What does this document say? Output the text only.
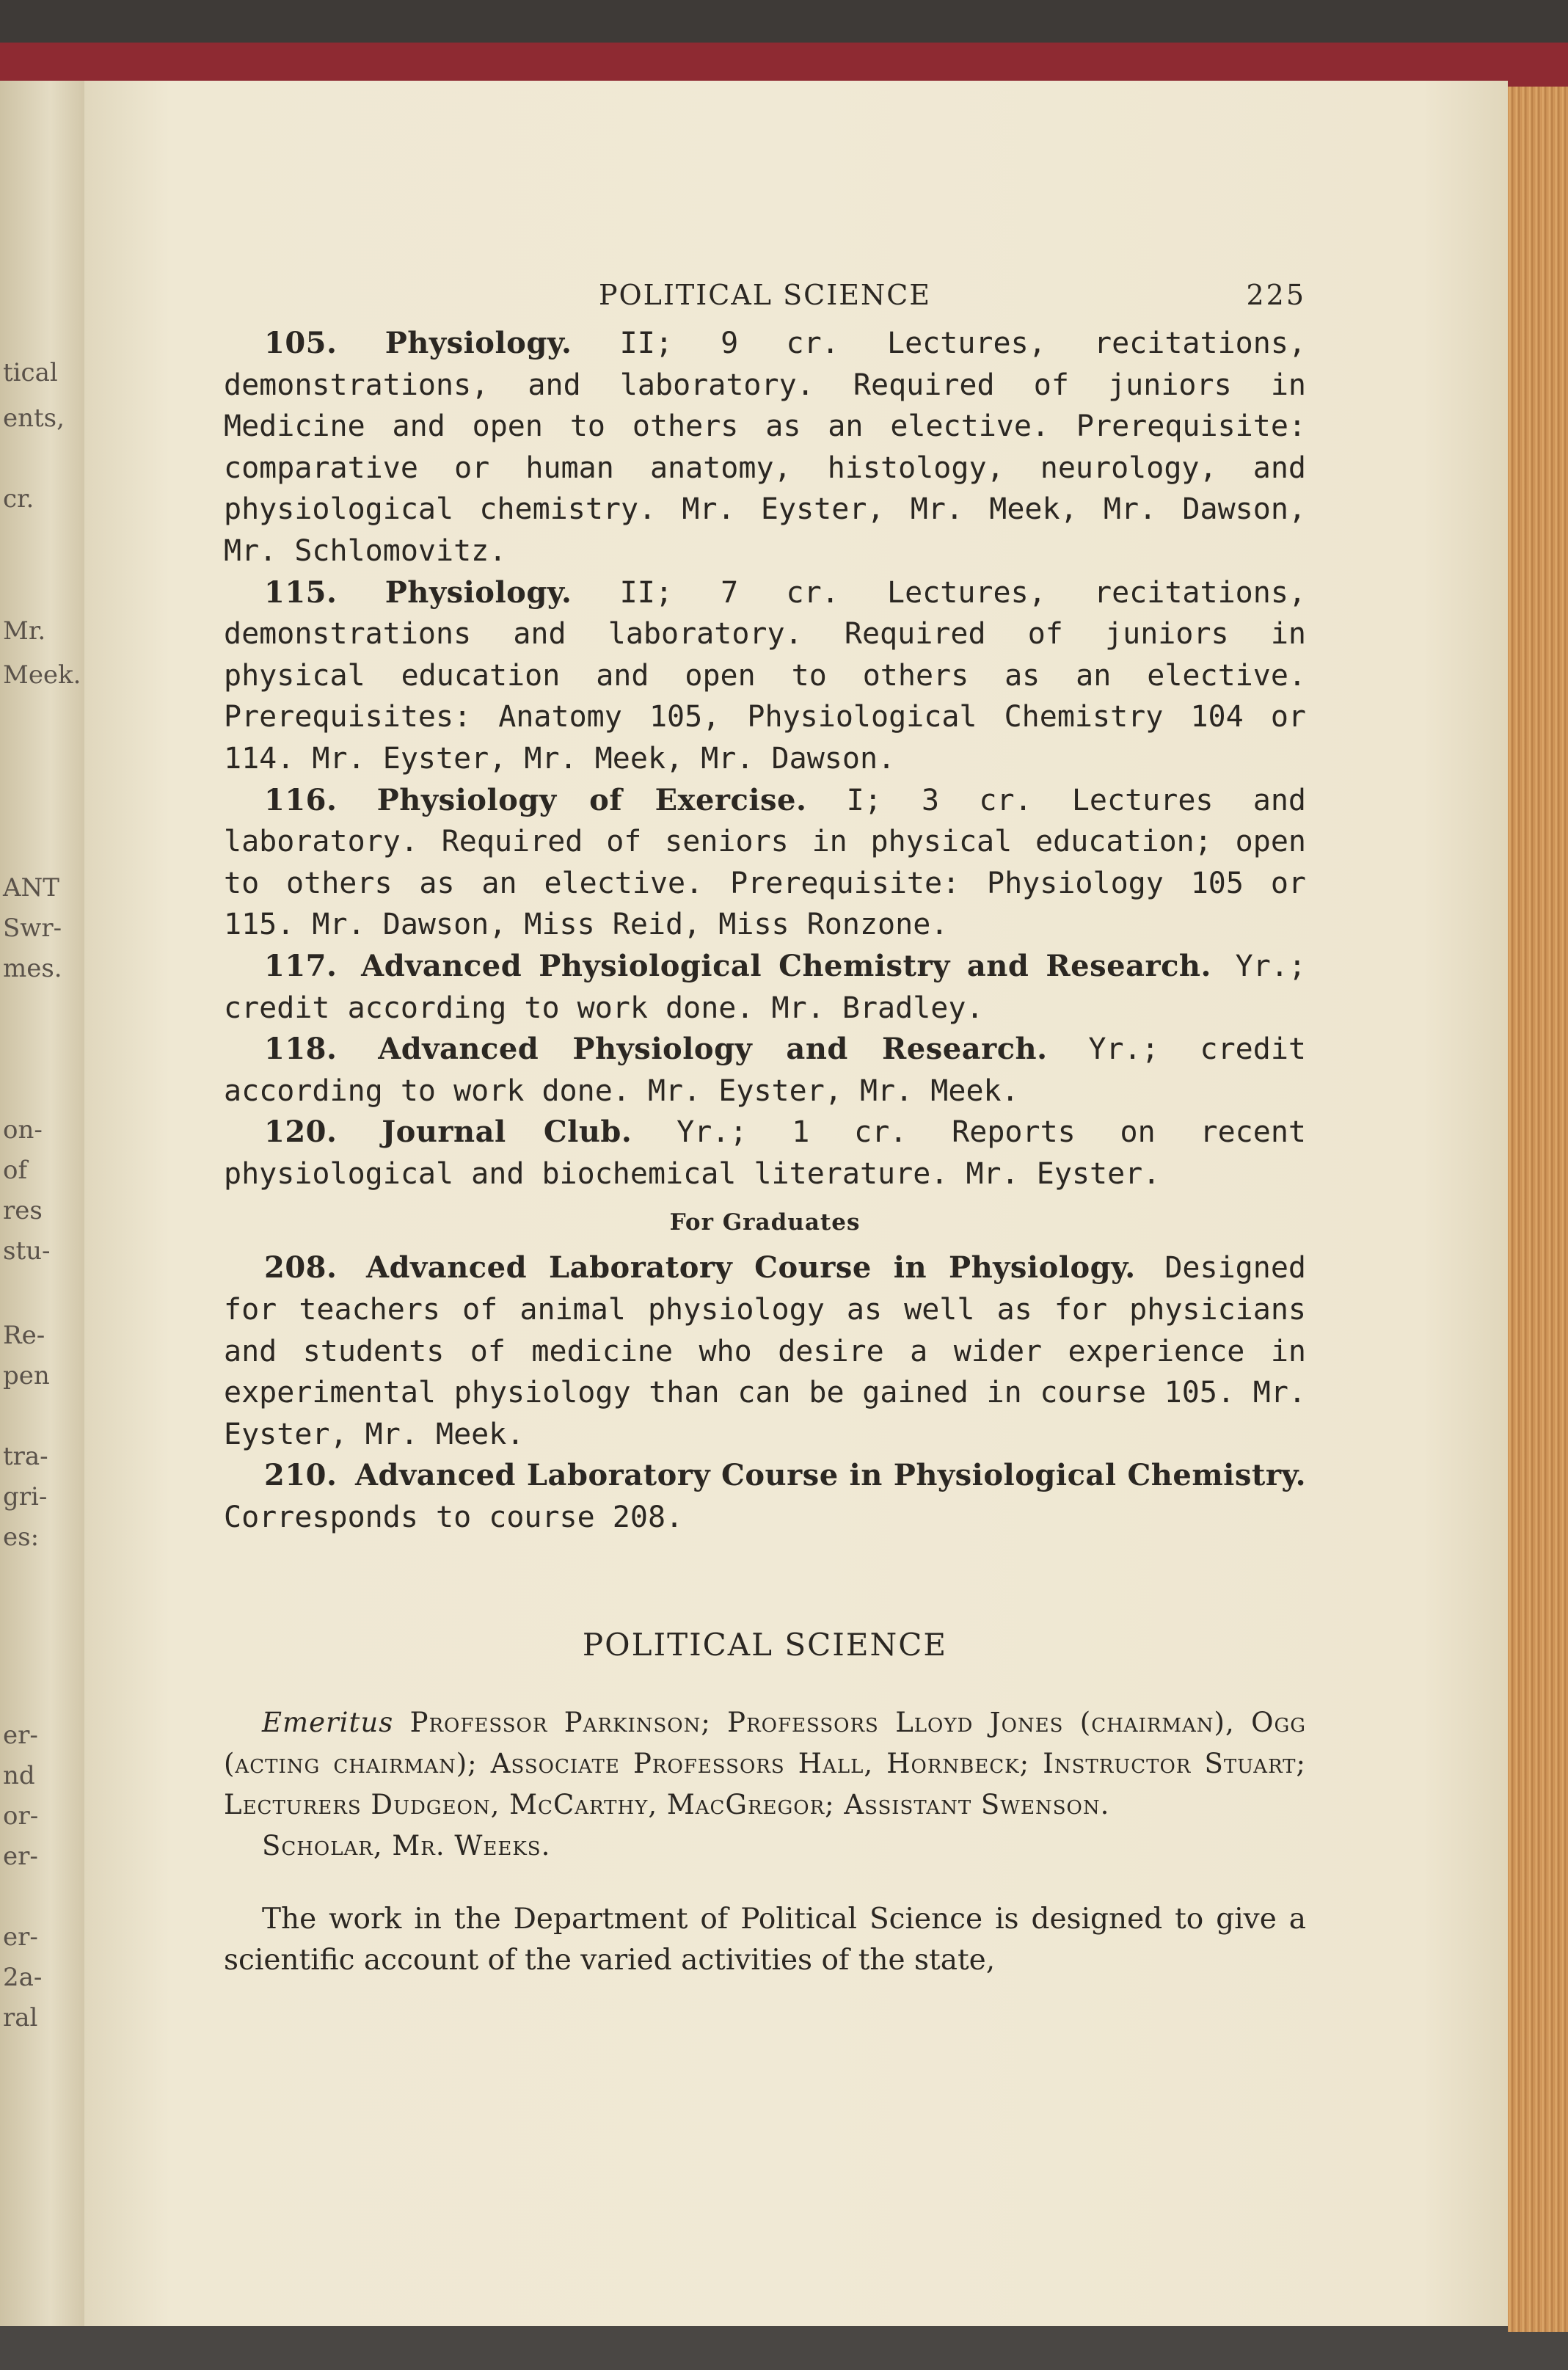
tical
ents,
cr.
Mr.
Meek.
ANT
Swr-
mes.
on-
of
res
stu-
Re-
pen
tra-
gri-
es:
er-
nd
or-
er-
er-
2a-
ral
POLITICAL SCIENCE	225

105. Physiology. II; 9 cr. Lectures, recitations, demonstrations, and laboratory. Required of juniors in Medicine and open to others as an elective. Prerequisite: comparative or human anatomy, histology, neurology, and physiological chemistry. Mr. Eyster, Mr. Meek, Mr. Dawson, Mr. Schlomovitz.

115. Physiology. II; 7 cr. Lectures, recitations, demonstrations and laboratory. Required of juniors in physical education and open to others as an elective. Prerequisites: Anatomy 105, Physiological Chemistry 104 or 114. Mr. Eyster, Mr. Meek, Mr. Dawson.

116. Physiology of Exercise. I; 3 cr. Lectures and laboratory. Required of seniors in physical education; open to others as an elective. Prerequisite: Physiology 105 or 115. Mr. Dawson, Miss Reid, Miss Ronzone.

117. Advanced Physiological Chemistry and Research. Yr.; credit according to work done. Mr. Bradley.

118. Advanced Physiology and Research. Yr.; credit according to work done. Mr. Eyster, Mr. Meek.

120. Journal Club. Yr.; 1 cr. Reports on recent physiological and biochemical literature. Mr. Eyster.

For Graduates

208. Advanced Laboratory Course in Physiology. Designed for teachers of animal physiology as well as for physicians and students of medicine who desire a wider experience in experimental physiology than can be gained in course 105. Mr. Eyster, Mr. Meek.

210. Advanced Laboratory Course in Physiological Chemistry. Corresponds to course 208.

POLITICAL SCIENCE

Emeritus Professor Parkinson; Professors Lloyd Jones (chairman), Ogg (acting chairman); Associate Professors Hall, Hornbeck; Instructor Stuart; Lecturers Dudgeon, McCarthy, MacGregor; Assistant Swenson.

Scholar, Mr. Weeks.

The work in the Department of Political Science is designed to give a scientific account of the varied activities of the state,
